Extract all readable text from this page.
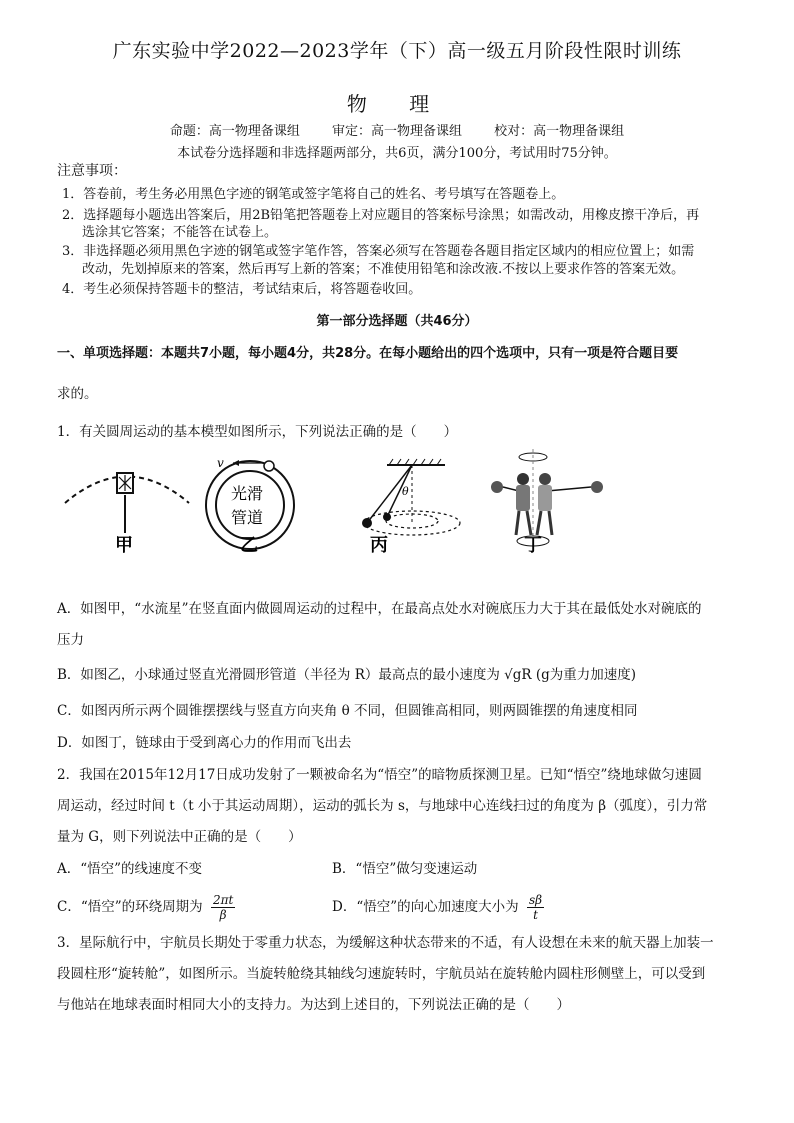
广东实验中学2022—2023学年（下）高一级五月阶段性限时训练
物 理
命题：高一物理备课组 审定：高一物理备课组 校对：高一物理备课组
本试卷分选择题和非选择题两部分，共6页，满分100分，考试用时75分钟。
注意事项：
1．答卷前，考生务必用黑色字迹的钢笔或签字笔将自己的姓名、考号填写在答题卷上。
2．选择题每小题选出答案后，用2B铅笔把答题卷上对应题目的答案标号涂黑；如需改动，用橡皮擦干净后，再
选涂其它答案；不能答在试卷上。
3．非选择题必须用黑色字迹的钢笔或签字笔作答，答案必须写在答题卷各题目指定区域内的相应位置上；如需
改动，先划掉原来的答案，然后再写上新的答案；不准使用铅笔和涂改液.不按以上要求作答的答案无效。
4．考生必须保持答题卡的整洁，考试结束后，将答题卷收回。
第一部分选择题（共46分）
一、单项选择题：本题共7小题，每小题4分，共28分。在每小题给出的四个选项中，只有一项是符合题目要
求的。
1．有关圆周运动的基本模型如图所示，下列说法正确的是（　　）
甲
v
光滑
管道
乙
θ
丙	丁
A．如图甲，“水流星”在竖直面内做圆周运动的过程中，在最高点处水对碗底压力大于其在最低处水对碗底的
压力
B．如图乙，小球通过竖直光滑圆形管道（半径为 R）最高点的最小速度为 √gR (g为重力加速度)
C．如图丙所示两个圆锥摆摆线与竖直方向夹角 θ 不同，但圆锥高相同，则两圆锥摆的角速度相同
D．如图丁，链球由于受到离心力的作用而飞出去
2．我国在2015年12月17日成功发射了一颗被命名为“悟空”的暗物质探测卫星。已知“悟空”绕地球做匀速圆
周运动，经过时间 t（t 小于其运动周期），运动的弧长为 s，与地球中心连线扫过的角度为 β（弧度），引力常
量为 G，则下列说法中正确的是（　　）
A．“悟空”的线速度不变	B．“悟空”做匀变速运动
C．“悟空”的环绕周期为 $\frac{2\pi t}{\beta}$	D．“悟空”的向心加速度大小为 $\frac{s\beta}{t}$
3．星际航行中，宇航员长期处于零重力状态，为缓解这种状态带来的不适，有人设想在未来的航天器上加装一
段圆柱形“旋转舱”，如图所示。当旋转舱绕其轴线匀速旋转时，宇航员站在旋转舱内圆柱形侧壁上，可以受到
与他站在地球表面时相同大小的支持力。为达到上述目的，下列说法正确的是（　　）
